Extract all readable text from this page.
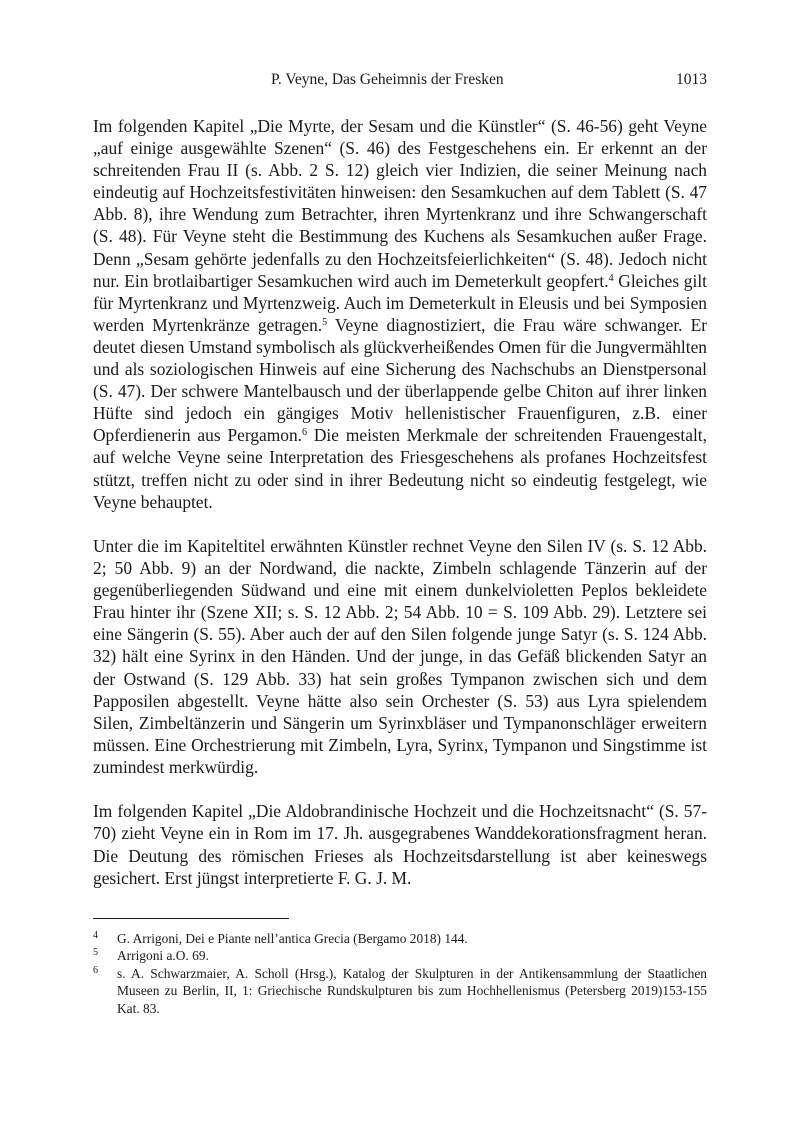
P. Veyne, Das Geheimnis der Fresken	1013

Im folgenden Kapitel „Die Myrte, der Sesam und die Künstler“ (S. 46-56) geht Veyne „auf einige ausgewählte Szenen“ (S. 46) des Festgeschehens ein. Er erkennt an der schreitenden Frau II (s. Abb. 2 S. 12) gleich vier Indizien, die seiner Meinung nach eindeutig auf Hochzeitsfestivitäten hinweisen: den Sesamkuchen auf dem Tablett (S. 47 Abb. 8), ihre Wendung zum Betrachter, ihren Myrtenkranz und ihre Schwangerschaft (S. 48). Für Veyne steht die Bestimmung des Kuchens als Sesamkuchen außer Frage. Denn „Sesam gehörte jedenfalls zu den Hochzeitsfeierlichkeiten“ (S. 48). Jedoch nicht nur. Ein brotlaibartiger Sesamkuchen wird auch im Demeterkult geopfert.$^4$ Gleiches gilt für Myrtenkranz und Myrtenzweig. Auch im Demeterkult in Eleusis und bei Symposien werden Myrtenkränze getragen.$^5$ Veyne diagnostiziert, die Frau wäre schwanger. Er deutet diesen Umstand symbolisch als glückverheißendes Omen für die Jungvermählten und als soziologischen Hinweis auf eine Sicherung des Nachschubs an Dienstpersonal (S. 47). Der schwere Mantelbausch und der überlappende gelbe Chiton auf ihrer linken Hüfte sind jedoch ein gängiges Motiv hellenistischer Frauenfiguren, z.B. einer Opferdienerin aus Pergamon.$^6$ Die meisten Merkmale der schreitenden Frauengestalt, auf welche Veyne seine Interpretation des Friesgeschehens als profanes Hochzeitsfest stützt, treffen nicht zu oder sind in ihrer Bedeutung nicht so eindeutig festgelegt, wie Veyne behauptet.

Unter die im Kapiteltitel erwähnten Künstler rechnet Veyne den Silen IV (s. S. 12 Abb. 2; 50 Abb. 9) an der Nordwand, die nackte, Zimbeln schlagende Tänzerin auf der gegenüberliegenden Südwand und eine mit einem dunkelvioletten Peplos bekleidete Frau hinter ihr (Szene XII; s. S. 12 Abb. 2; 54 Abb. 10 = S. 109 Abb. 29). Letztere sei eine Sängerin (S. 55). Aber auch der auf den Silen folgende junge Satyr (s. S. 124 Abb. 32) hält eine Syrinx in den Händen. Und der junge, in das Gefäß blickenden Satyr an der Ostwand (S. 129 Abb. 33) hat sein großes Tympanon zwischen sich und dem Papposilen abgestellt. Veyne hätte also sein Orchester (S. 53) aus Lyra spielendem Silen, Zimbeltänzerin und Sängerin um Syrinxbläser und Tympanonschläger erweitern müssen. Eine Orchestrierung mit Zimbeln, Lyra, Syrinx, Tympanon und Singstimme ist zumindest merkwürdig.

Im folgenden Kapitel „Die Aldobrandinische Hochzeit und die Hochzeitsnacht“ (S. 57-70) zieht Veyne ein in Rom im 17. Jh. ausgegrabenes Wanddekorationsfragment heran. Die Deutung des römischen Frieses als Hochzeitsdarstellung ist aber keineswegs gesichert. Erst jüngst interpretierte F. G. J. M.

4 G. Arrigoni, Dei e Piante nell’antica Grecia (Bergamo 2018) 144.
5 Arrigoni a.O. 69.
6 s. A. Schwarzmaier, A. Scholl (Hrsg.), Katalog der Skulpturen in der Antikensammlung der Staatlichen Museen zu Berlin, II, 1: Griechische Rundskulpturen bis zum Hochhellenismus (Petersberg 2019)153-155 Kat. 83.
